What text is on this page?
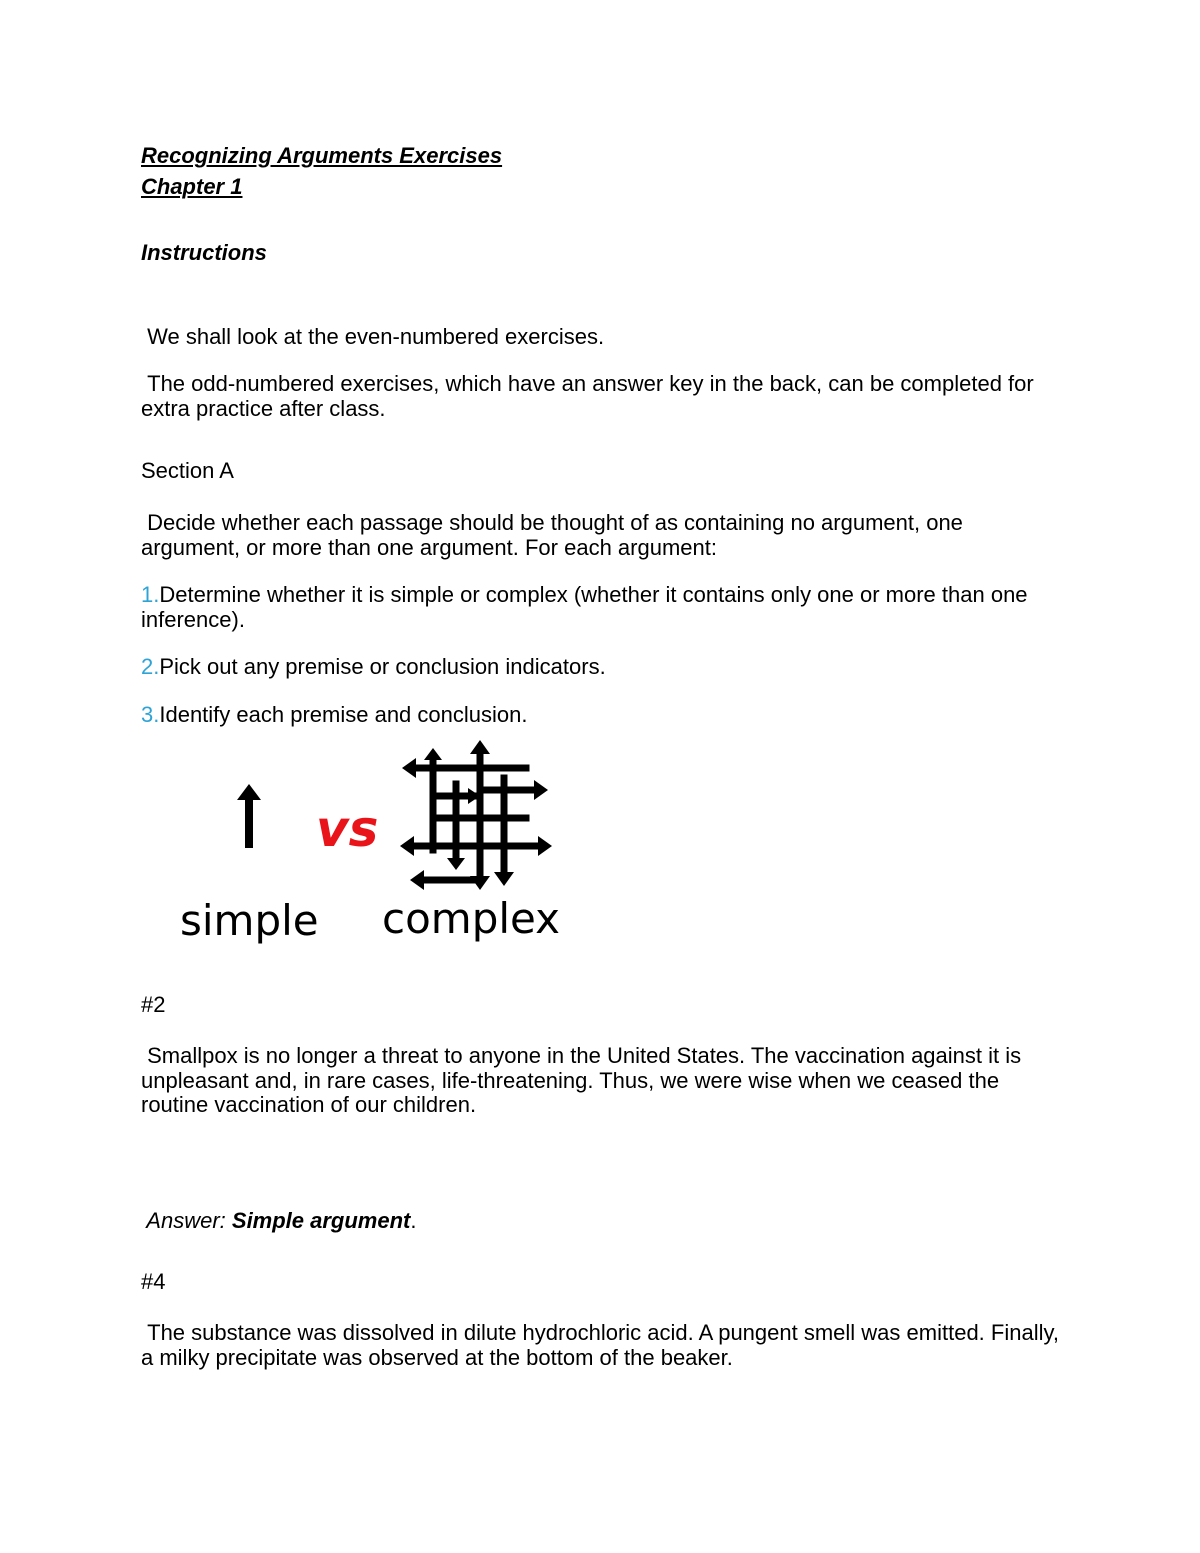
Recognizing Arguments Exercises
Chapter 1
Instructions
We shall look at the even-numbered exercises.
The odd-numbered exercises, which have an answer key in the back, can be completed for extra practice after class.
Section A
Decide whether each passage should be thought of as containing no argument, one argument, or more than one argument. For each argument:
1.Determine whether it is simple or complex (whether it contains only one or more than one inference).
2.Pick out any premise or conclusion indicators.
3.Identify each premise and conclusion.
vs
simple complex
#2
Smallpox is no longer a threat to anyone in the United States. The vaccination against it is unpleasant and, in rare cases, life-threatening. Thus, we were wise when we ceased the routine vaccination of our children.
Answer: Simple argument.
#4
The substance was dissolved in dilute hydrochloric acid. A pungent smell was emitted. Finally, a milky precipitate was observed at the bottom of the beaker.
